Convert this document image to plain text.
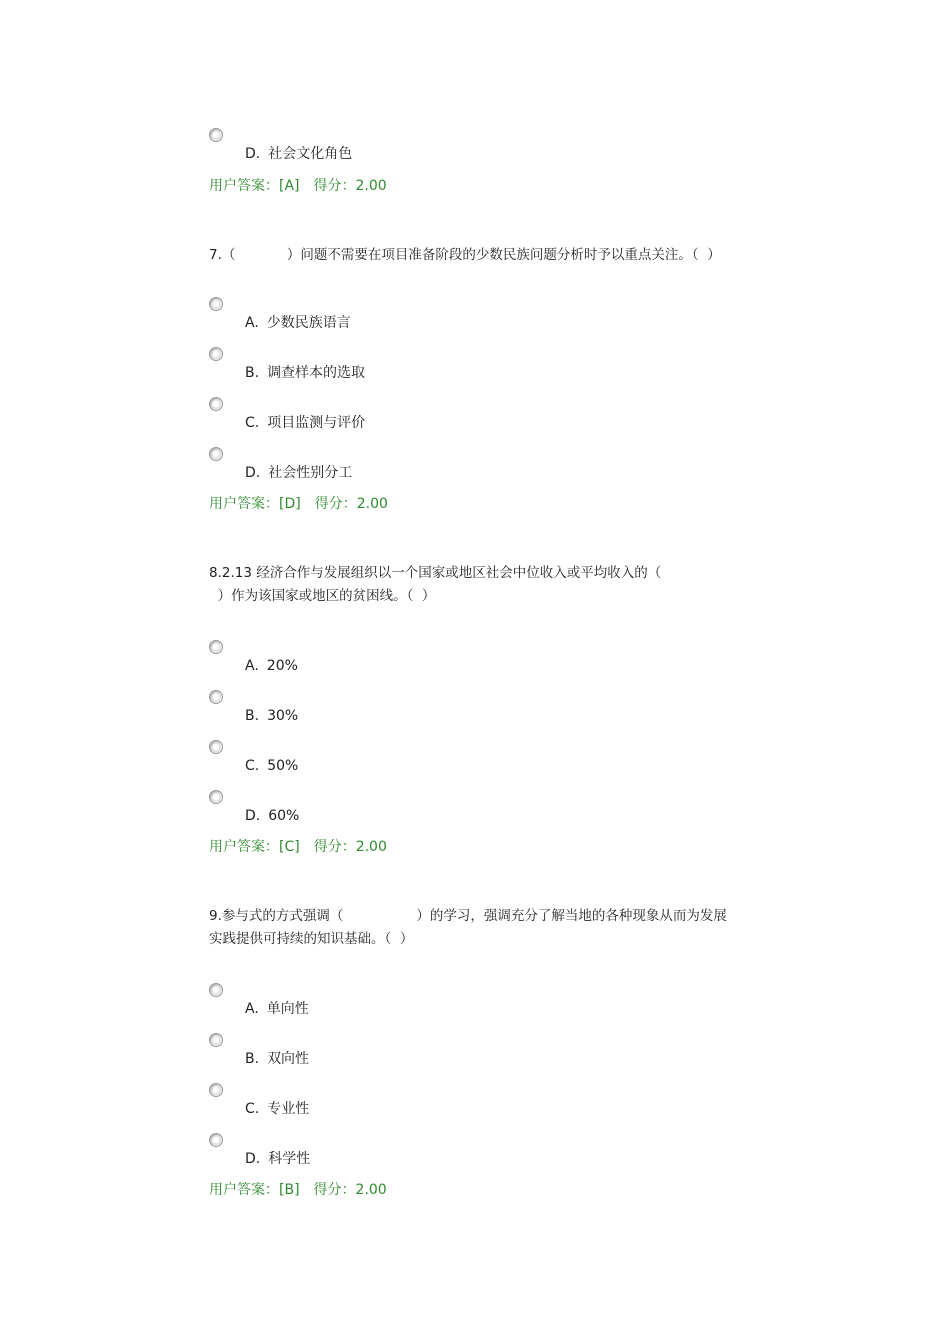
D. 社会文化角色
用户答案：[A] 得分：2.00
7.（            ）问题不需要在项目准备阶段的少数民族问题分析时予以重点关注。（  ）
A. 少数民族语言
B. 调查样本的选取
C. 项目监测与评价
D. 社会性别分工
用户答案：[D] 得分：2.00
8.2.13 经济合作与发展组织以一个国家或地区社会中位收入或平均收入的（
）作为该国家或地区的贫困线。（  ）
A. 20%
B. 30%
C. 50%
D. 60%
用户答案：[C] 得分：2.00
9.参与式的方式强调（                 ）的学习，强调充分了解当地的各种现象从而为发展
实践提供可持续的知识基础。（  ）
A. 单向性
B. 双向性
C. 专业性
D. 科学性
用户答案：[B] 得分：2.00
